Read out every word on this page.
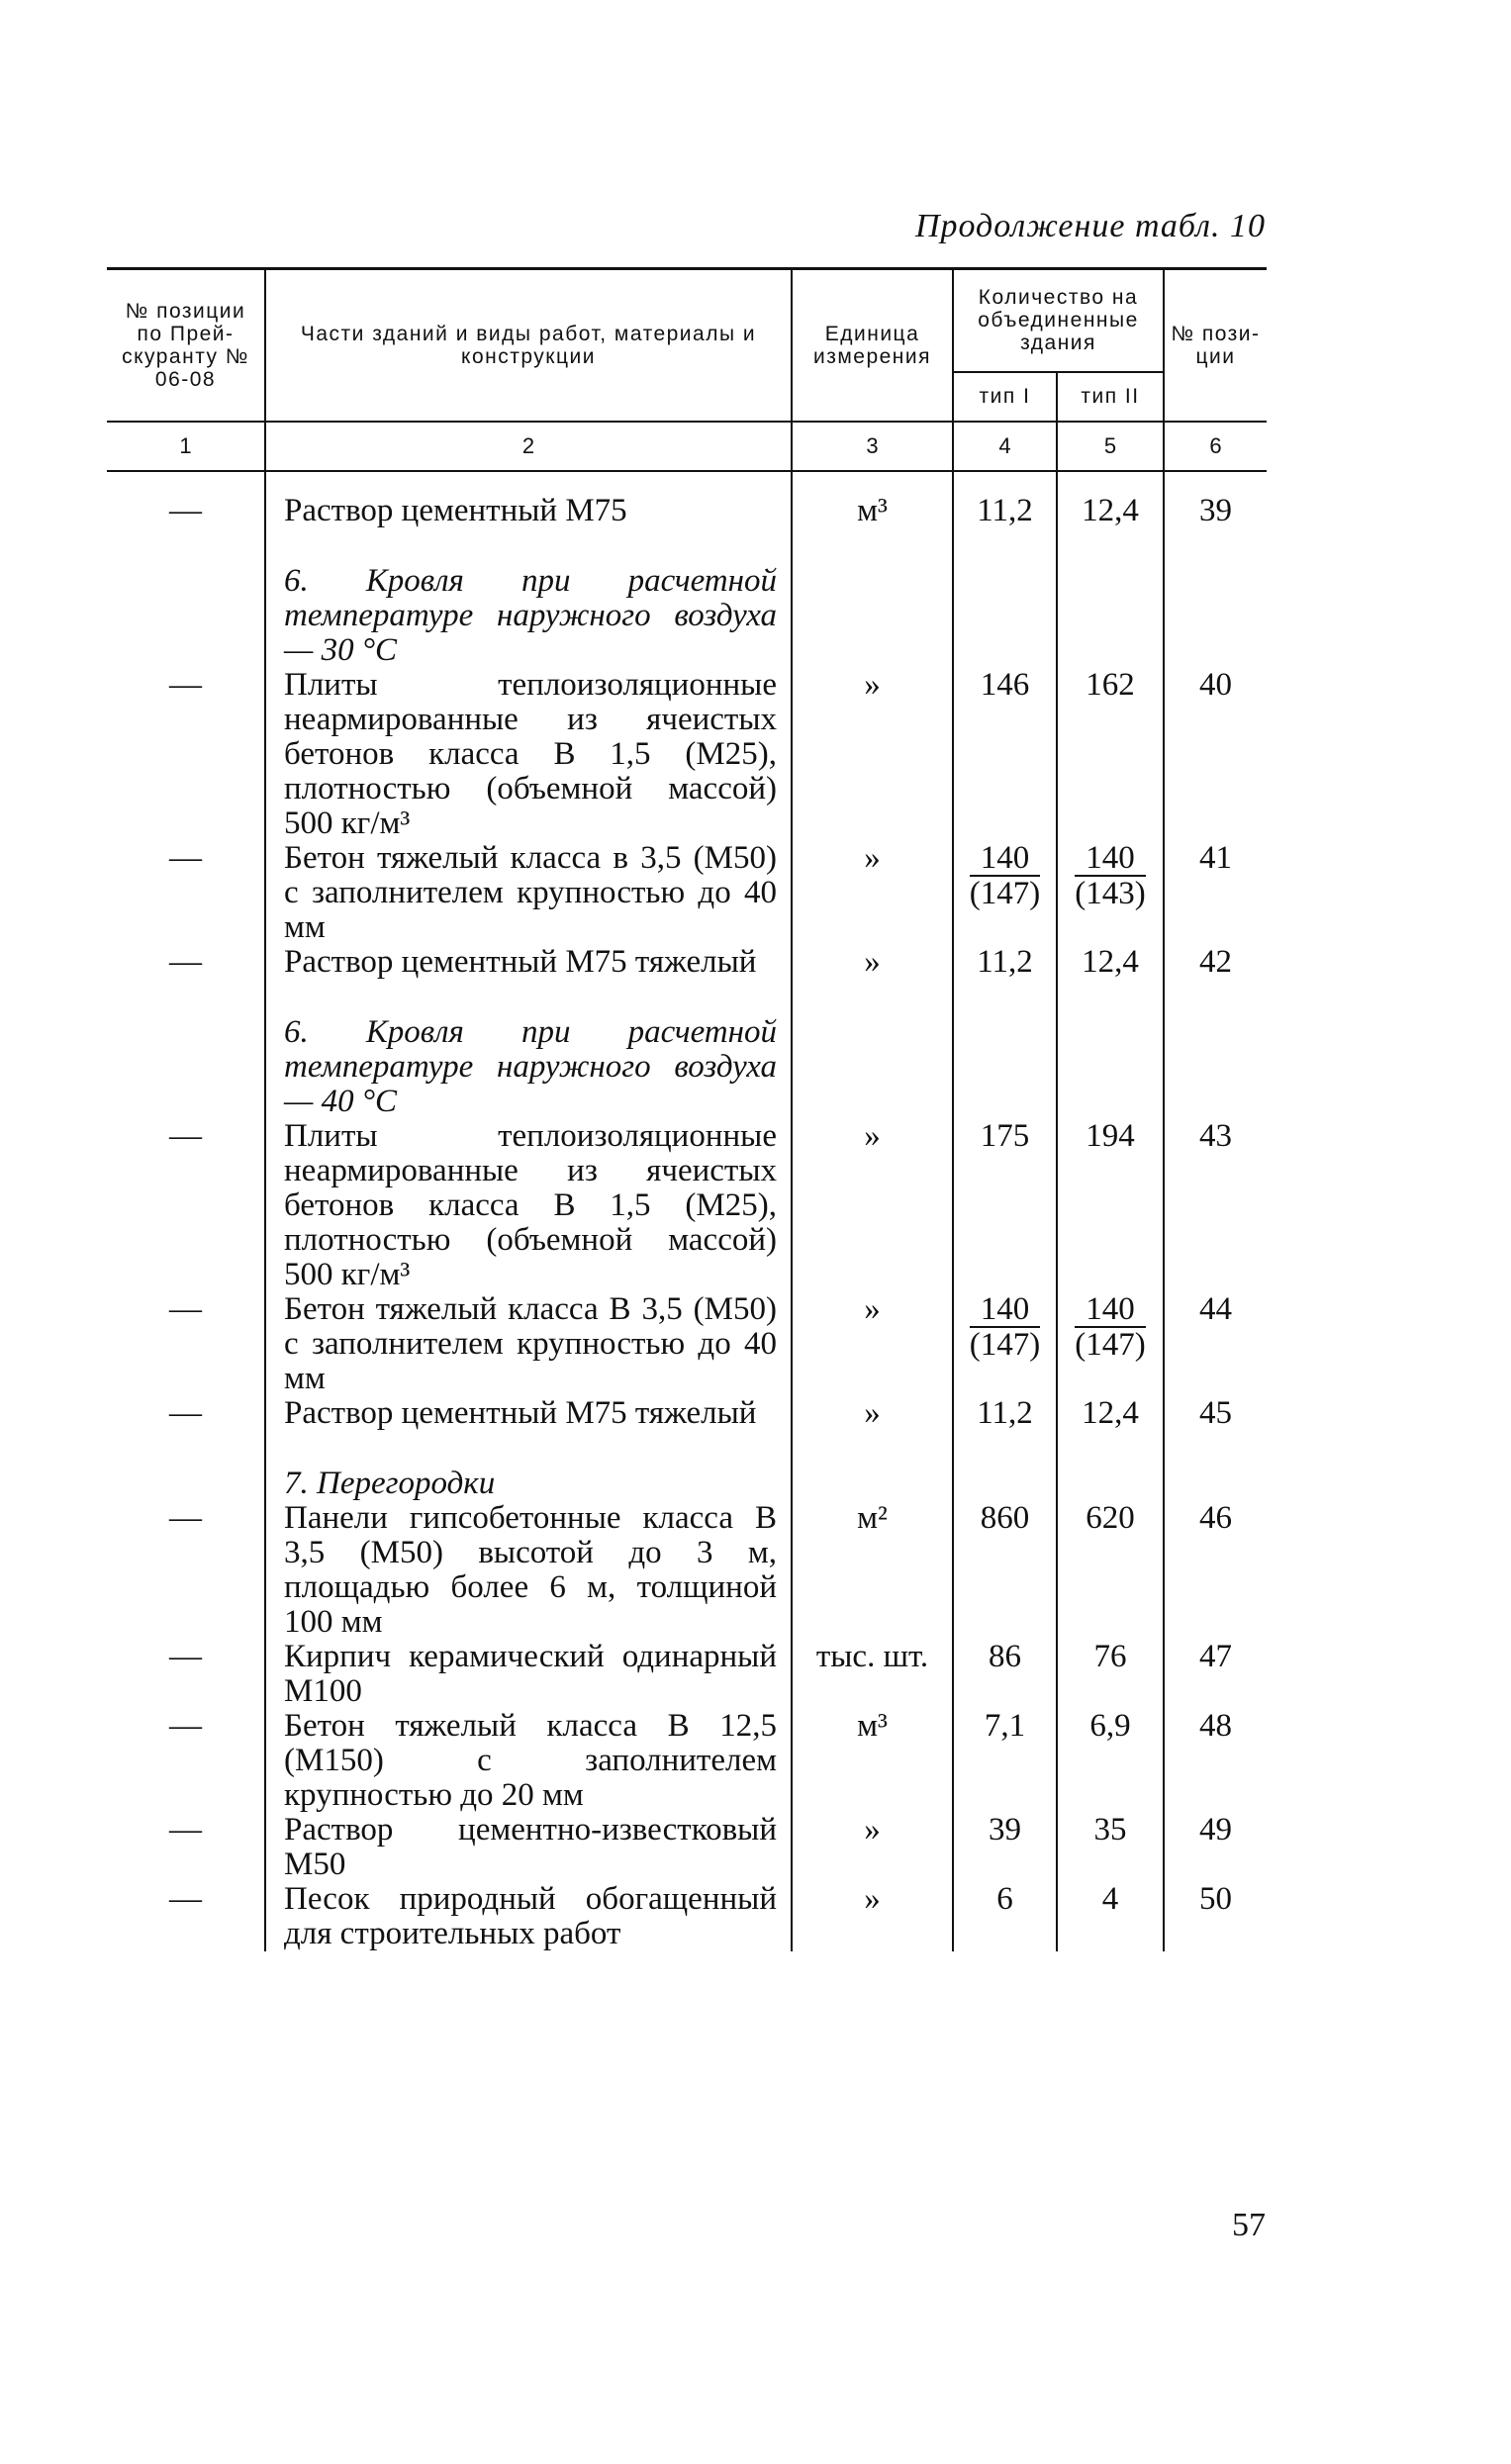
Продолжение табл. 10
№ позиции по Прей-скуранту № 06-08	Части зданий и виды работ, материалы и конструкции	Единица измерения	Количество на объединенные здания		№ пози-ции
			тип I	тип II	
1	2	3	4	5	6

—	Раствор цементный М75	м³	11,2	12,4	39

	6. Кровля при расчетной температуре наружного воздуха — 30 °С				
—	Плиты теплоизоляционные неармированные из ячеистых бетонов класса В 1,5 (М25), плотностью (объемной массой) 500 кг/м³	»	146	162	40
—	Бетон тяжелый класса в 3,5 (М50) с заполнителем крупностью до 40 мм	»	$\frac{140}{(147)}$	$\frac{140}{(143)}$	41
—	Раствор цементный М75 тяжелый	»	11,2	12,4	42

	6. Кровля при расчетной температуре наружного воздуха — 40 °С				
—	Плиты теплоизоляционные неармированные из ячеистых бетонов класса В 1,5 (М25), плотностью (объемной массой) 500 кг/м³	»	175	194	43
—	Бетон тяжелый класса В 3,5 (М50) с заполнителем крупностью до 40 мм	»	$\frac{140}{(147)}$	$\frac{140}{(147)}$	44
—	Раствор цементный М75 тяжелый	»	11,2	12,4	45

	7. Перегородки				
—	Панели гипсобетонные класса В 3,5 (М50) высотой до 3 м, площадью более 6 м, толщиной 100 мм	м²	860	620	46
—	Кирпич керамический одинарный М100	тыс. шт.	86	76	47
—	Бетон тяжелый класса В 12,5 (М150) с заполнителем крупностью до 20 мм	м³	7,1	6,9	48
—	Раствор цементно-известковый М50	»	39	35	49
—	Песок природный обогащенный для строительных работ	»	6	4	50
57
